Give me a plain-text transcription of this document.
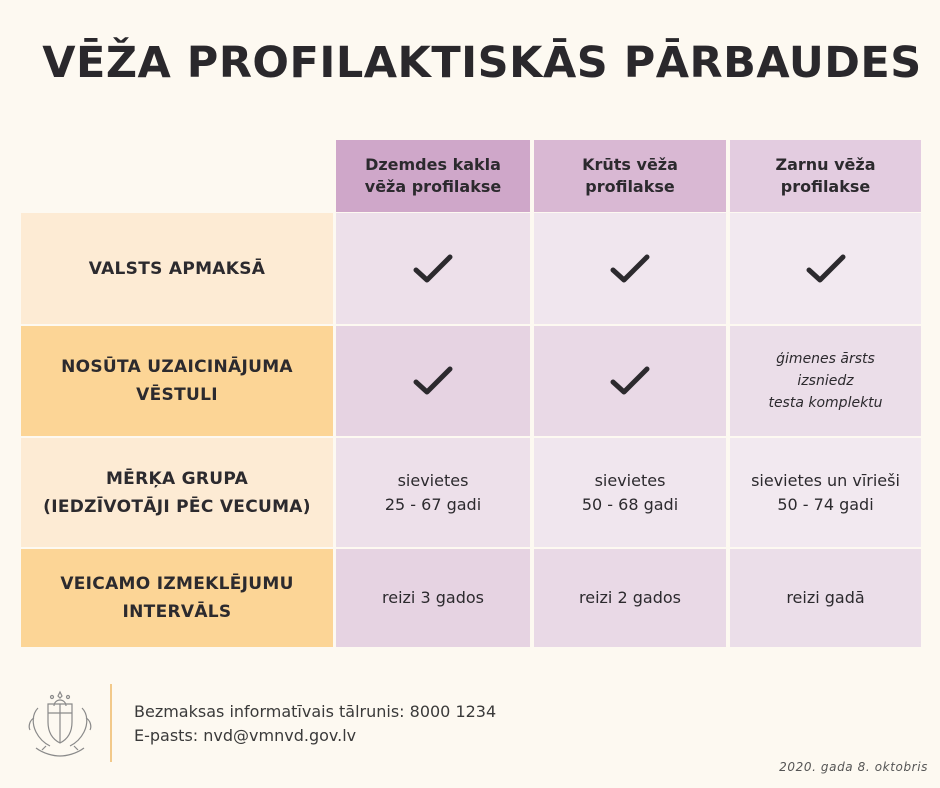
VĒŽA PROFILAKTISKĀS PĀRBAUDES
Dzemdes kakla vēža profilakse
Krūts vēža profilakse
Zarnu vēža profilakse
VALSTS APMAKSĀ
NOSŪTA UZAICINĀJUMA VĒSTULI
ģimenes ārsts
izsniedz
testa komplektu
MĒRĶA GRUPA
(IEDZĪVOTĀJI PĒC VECUMA)
sievietes
25 - 67 gadi
sievietes
50 - 68 gadi
sievietes un vīrieši
50 - 74 gadi
VEICAMO IZMEKLĒJUMU INTERVĀLS
reizi 3 gados	reizi 2 gados	reizi gadā
Bezmaksas informatīvais tālrunis: 8000 1234
E-pasts: nvd@vmnvd.gov.lv
2020. gada 8. oktobris
